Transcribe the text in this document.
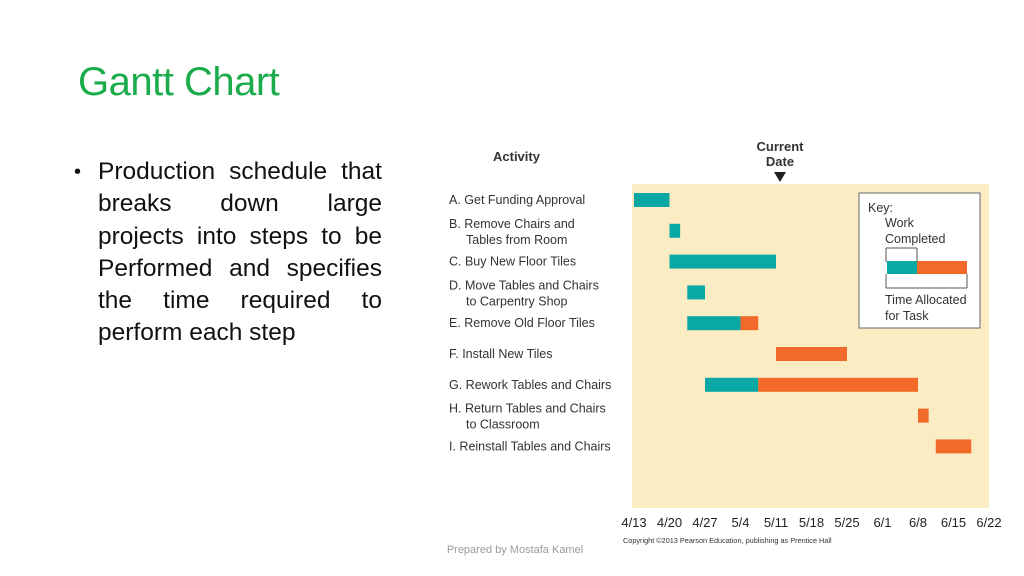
Gantt Chart
• Production schedule that breaks down large projects into steps to be Performed and specifies the time required to perform each step
A. Get Funding Approval
B. Remove Chairs and
Tables from Room
C. Buy New Floor Tiles
D. Move Tables and Chairs
to Carpentry Shop
E. Remove Old Floor Tiles
F. Install New Tiles
G. Rework Tables and Chairs
H. Return Tables and Chairs
to Classroom
I. Reinstall Tables and Chairs
4/13 4/20 4/27 5/4 5/11 5/18 5/25 6/1 6/8 6/15 6/22
Activity
Current
Date
Key:
Work
Completed
Time Allocated
for Task
Copyright ©2013 Pearson Education, publishing as Prentice Hall
Prepared by Mostafa Kamel
